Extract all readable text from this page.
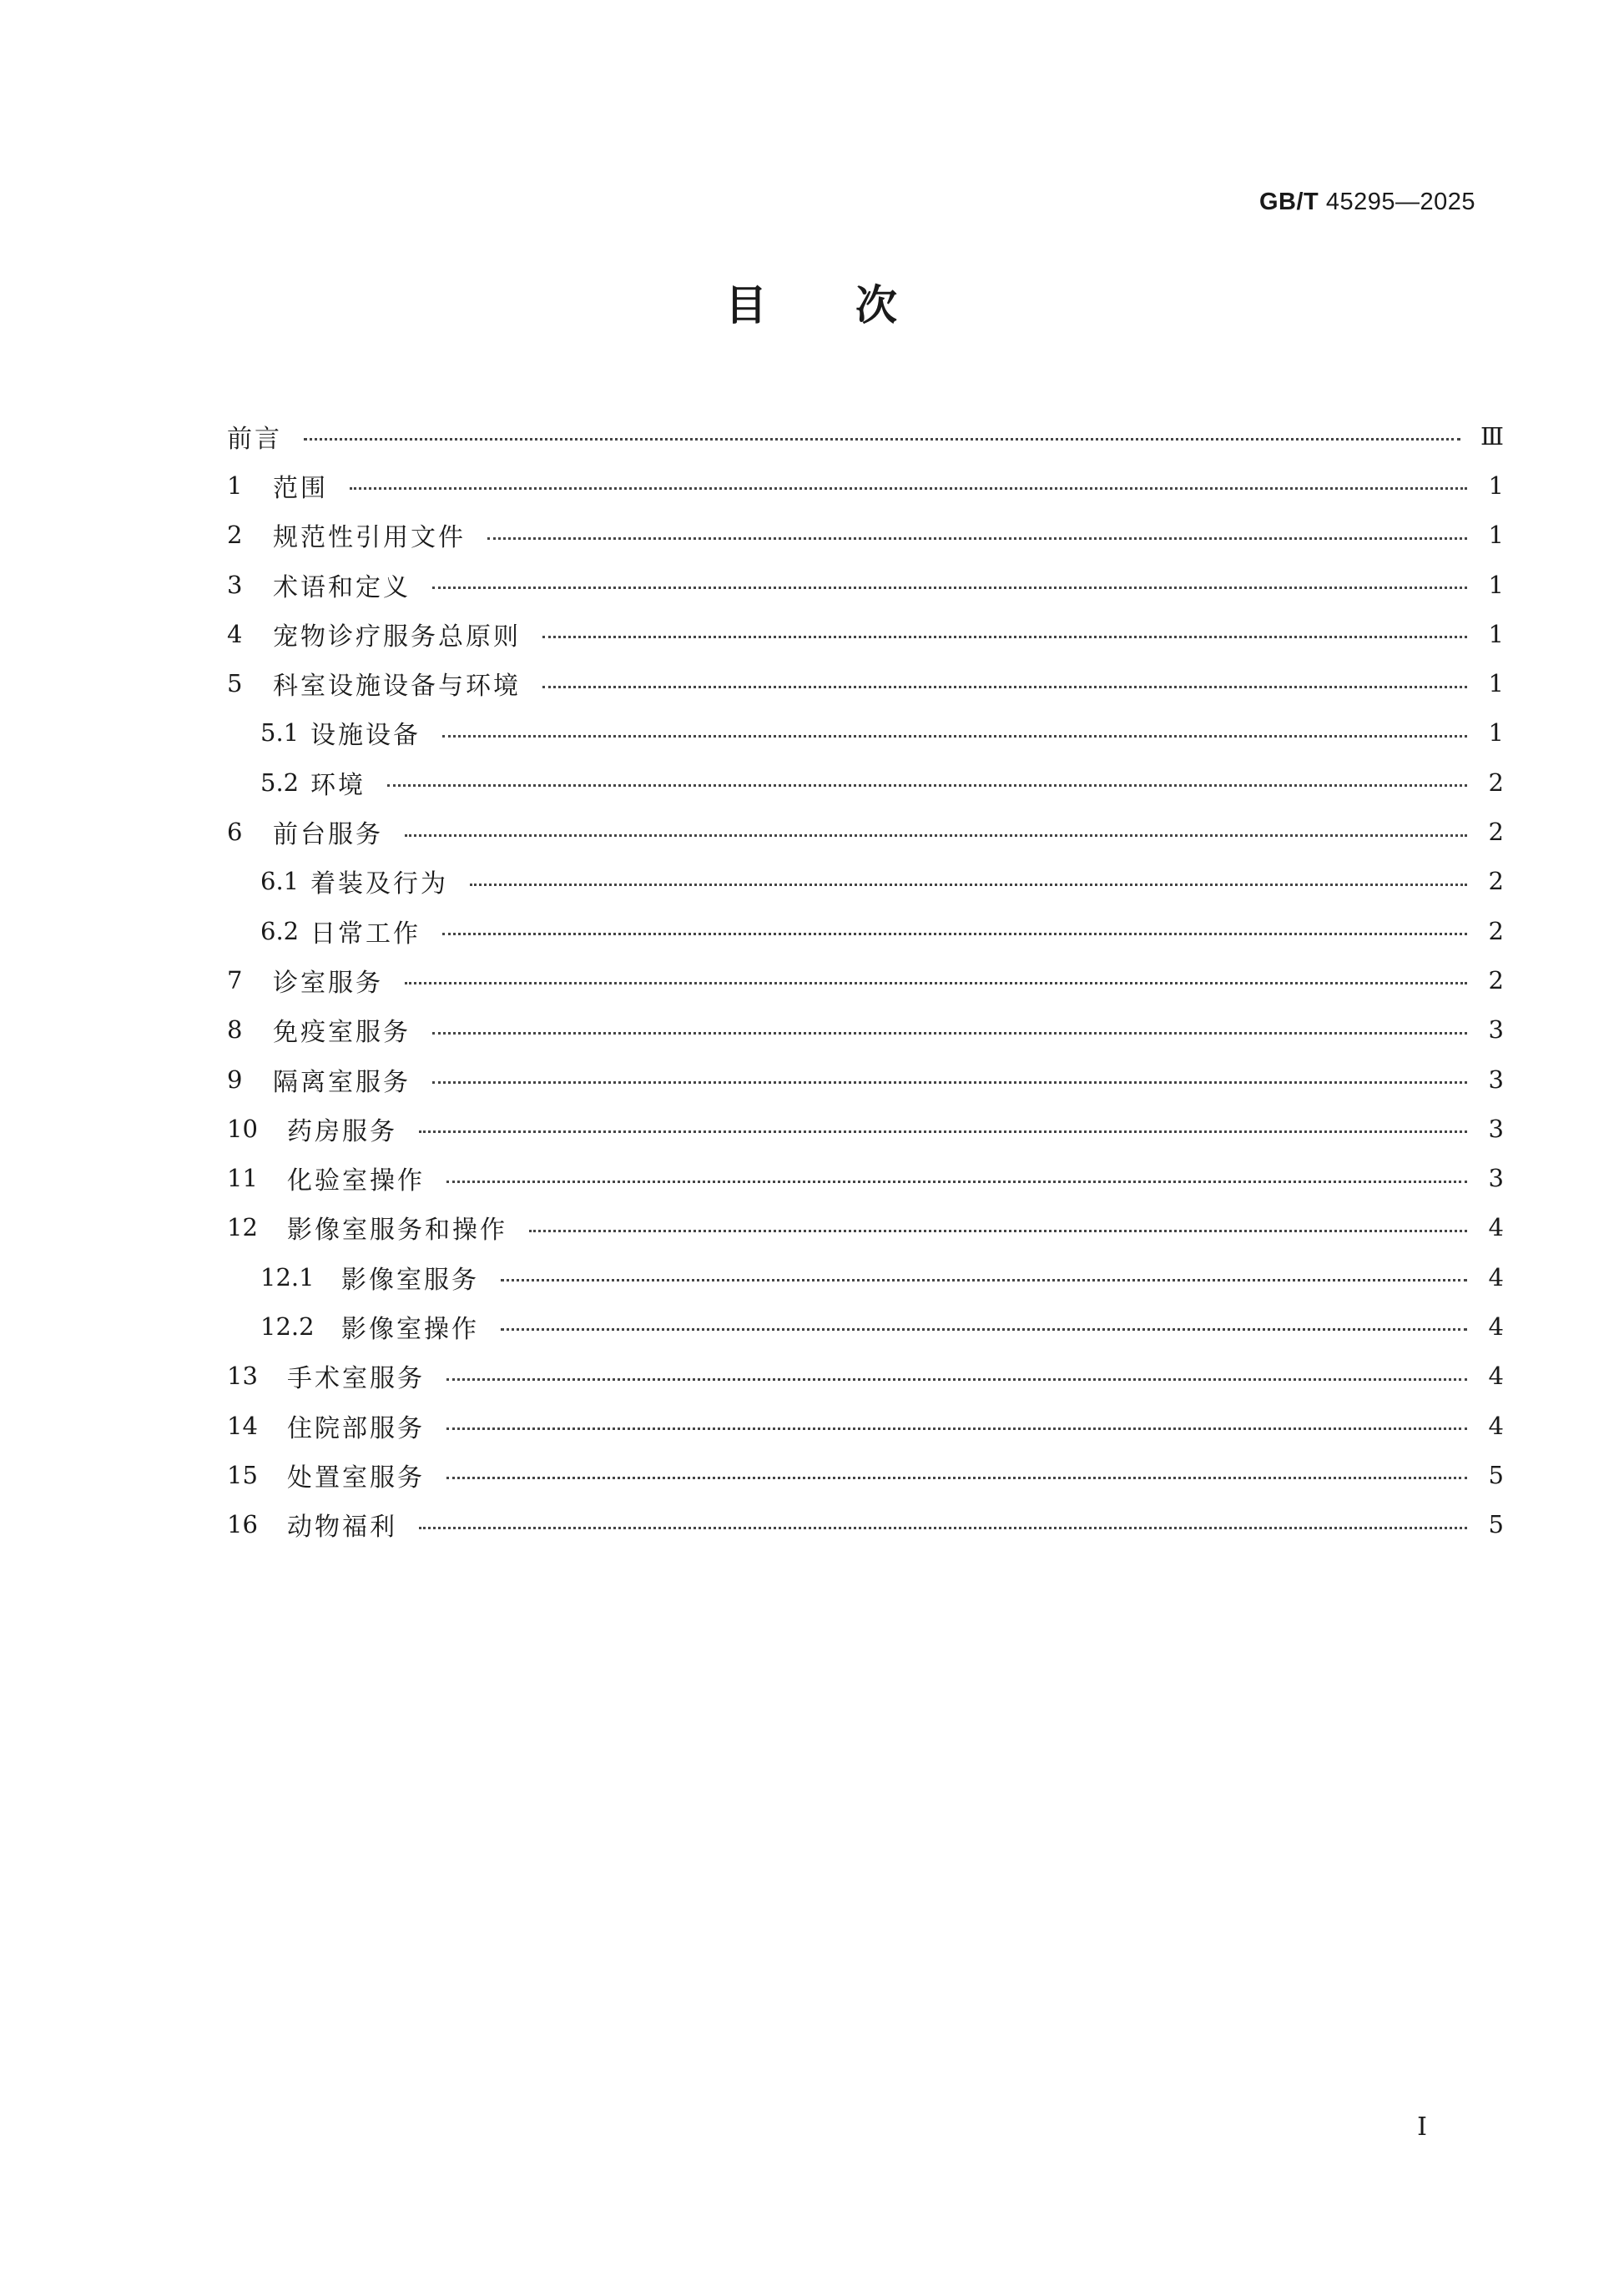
GB/T 45295—2025
目 次
前言	Ⅲ
1	范围	1
2	规范性引用文件	1
3	术语和定义	1
4	宠物诊疗服务总原则	1
5	科室设施设备与环境	1
5.1 设施设备	1
5.2 环境	2
6	前台服务	2
6.1 着装及行为	2
6.2 日常工作	2
7	诊室服务	2
8	免疫室服务	3
9	隔离室服务	3
10	药房服务	3
11	化验室操作	3
12	影像室服务和操作	4
12.1	影像室服务	4
12.2	影像室操作	4
13	手术室服务	4
14	住院部服务	4
15	处置室服务	5
16	动物福利	5
Ⅰ
